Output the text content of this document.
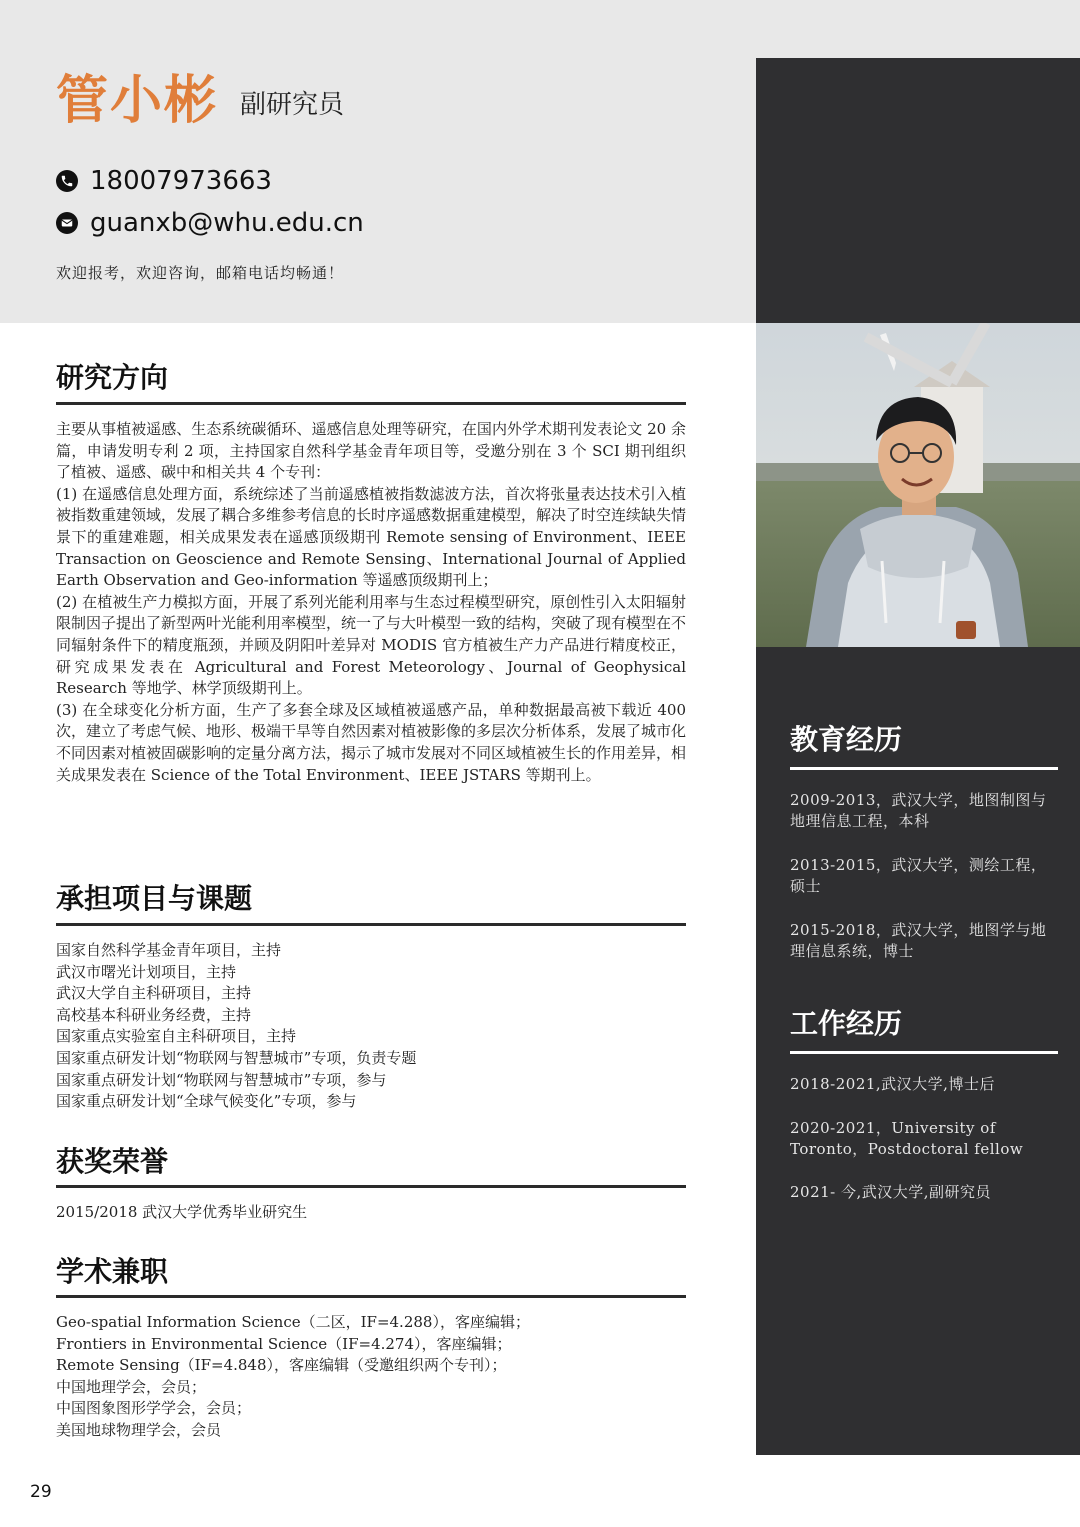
管小彬 副研究员
18007973663
guanxb@whu.edu.cn
欢迎报考，欢迎咨询，邮箱电话均畅通！
研究方向

主要从事植被遥感、生态系统碳循环、遥感信息处理等研究，在国内外学术期刊发表论文 20 余篇，申请发明专利 2 项，主持国家自然科学基金青年项目等，受邀分别在 3 个 SCI 期刊组织了植被、遥感、碳中和相关共 4 个专刊：

(1) 在遥感信息处理方面，系统综述了当前遥感植被指数滤波方法，首次将张量表达技术引入植被指数重建领域，发展了耦合多维参考信息的长时序遥感数据重建模型，解决了时空连续缺失情景下的重建难题，相关成果发表在遥感顶级期刊 Remote sensing of Environment、IEEE Transaction on Geoscience and Remote Sensing、International Journal of Applied Earth Observation and Geo-information 等遥感顶级期刊上；

(2) 在植被生产力模拟方面，开展了系列光能利用率与生态过程模型研究，原创性引入太阳辐射限制因子提出了新型两叶光能利用率模型，统一了与大叶模型一致的结构，突破了现有模型在不同辐射条件下的精度瓶颈，并顾及阴阳叶差异对 MODIS 官方植被生产力产品进行精度校正，研究成果发表在 Agricultural and Forest Meteorology、Journal of Geophysical Research 等地学、林学顶级期刊上。

(3) 在全球变化分析方面，生产了多套全球及区域植被遥感产品，单种数据最高被下载近 400 次，建立了考虑气候、地形、极端干旱等自然因素对植被影像的多层次分析体系，发展了城市化不同因素对植被固碳影响的定量分离方法，揭示了城市发展对不同区域植被生长的作用差异，相关成果发表在 Science of the Total Environment、IEEE JSTARS 等期刊上。

承担项目与课题

国家自然科学基金青年项目，主持

武汉市曙光计划项目，主持

武汉大学自主科研项目，主持

高校基本科研业务经费，主持

国家重点实验室自主科研项目，主持

国家重点研发计划“物联网与智慧城市”专项，负责专题

国家重点研发计划“物联网与智慧城市”专项，参与

国家重点研发计划“全球气候变化”专项，参与

获奖荣誉

2015/2018 武汉大学优秀毕业研究生

学术兼职

Geo-spatial Information Science（二区，IF=4.288），客座编辑；

Frontiers in Environmental Science（IF=4.274），客座编辑；

Remote Sensing（IF=4.848），客座编辑（受邀组织两个专刊）；

中国地理学会，会员；

中国图象图形学学会，会员；

美国地球物理学会，会员

教育经历
2009-2013，武汉大学，地图制图与地理信息工程，本科
2013-2015，武汉大学，测绘工程，硕士
2015-2018，武汉大学，地图学与地理信息系统，博士
工作经历
2018-2021,武汉大学,博士后
2020-2021，University of Toronto，Postdoctoral fellow
2021- 今,武汉大学,副研究员
29
